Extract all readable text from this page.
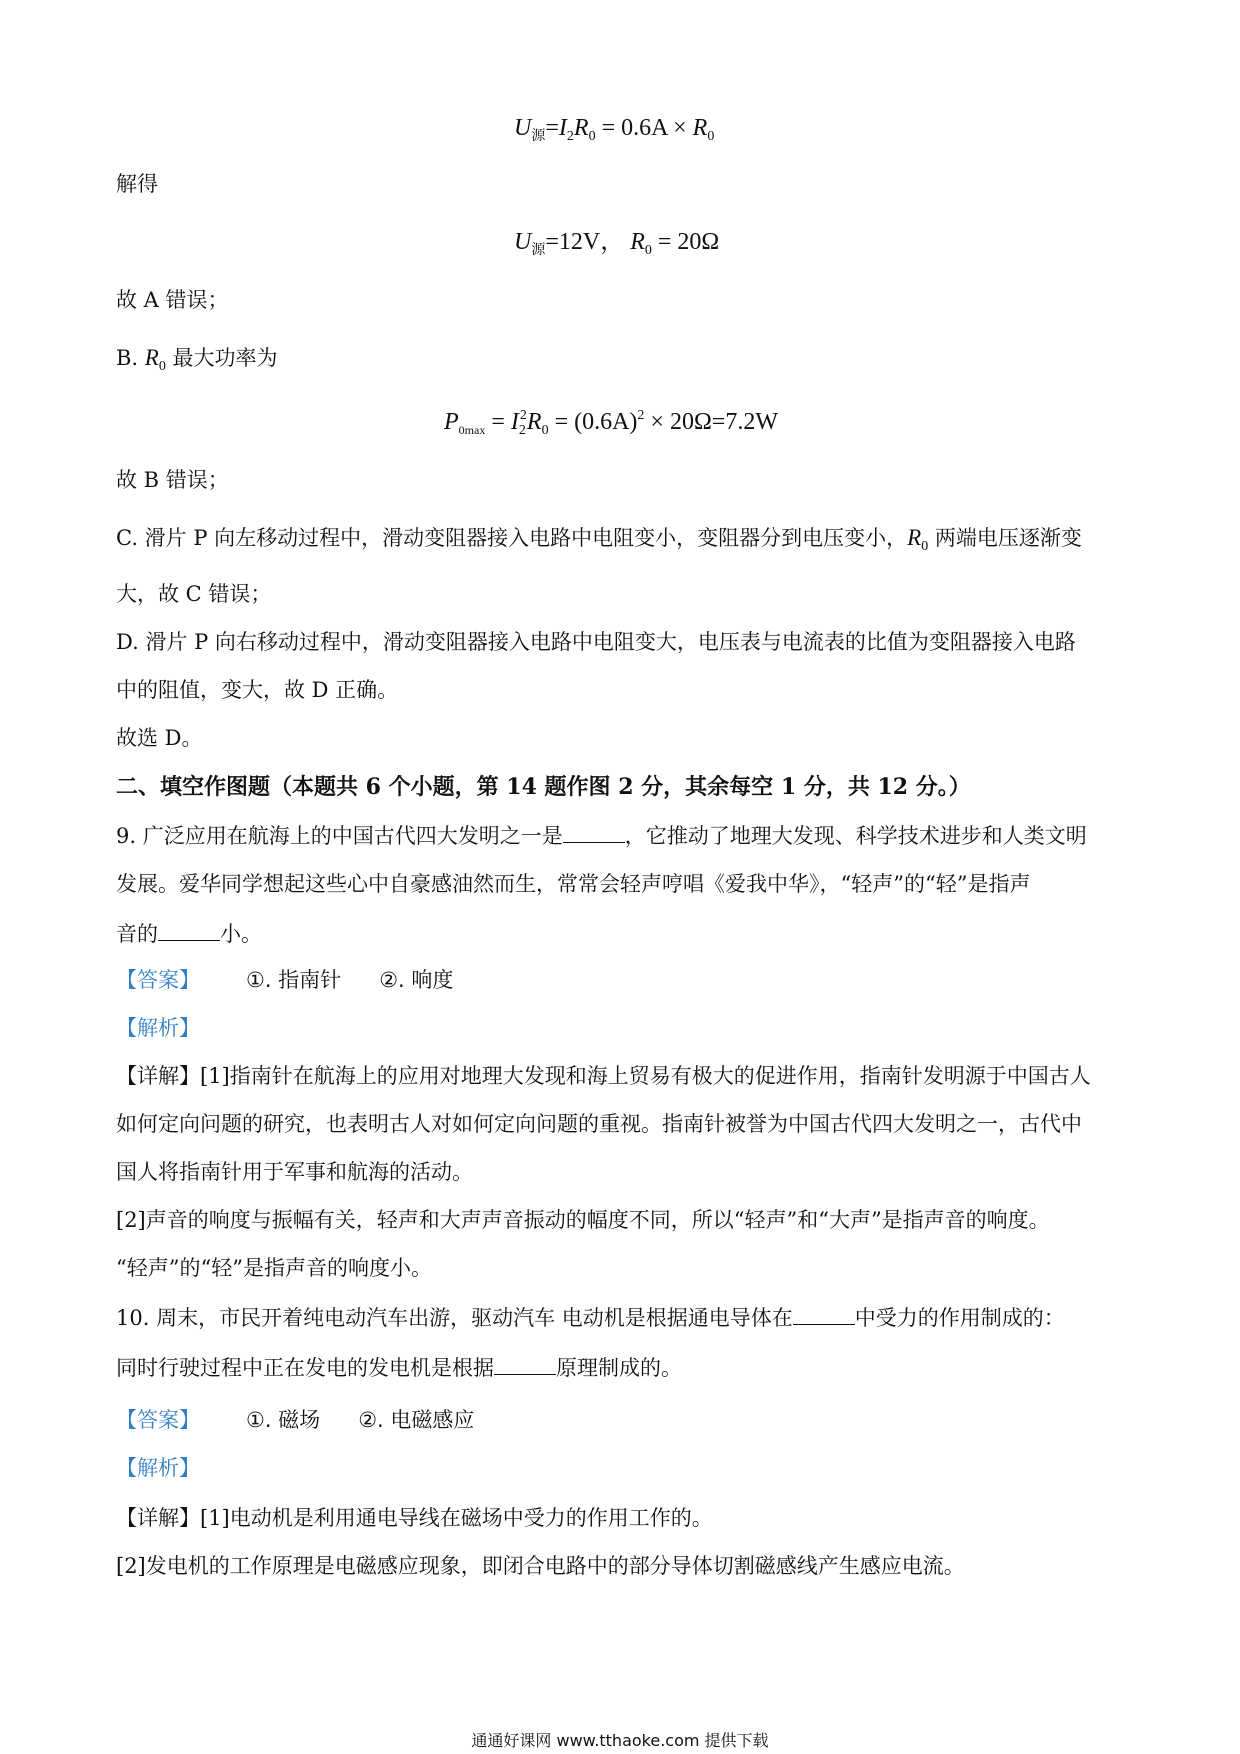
$U_源=I_2R_0 = 0.6A \times R_0$
解得
$U_源=12V$， $R_0 = 20\Omega$
故 A 错误；
B. $R_0$ 最大功率为
$P_{0max} = I_2^2R_0 = (0.6A)^2 \times 20\Omega=7.2W$
故 B 错误；
C. 滑片 P 向左移动过程中，滑动变阻器接入电路中电阻变小，变阻器分到电压变小，$R_0$ 两端电压逐渐变
大，故 C 错误；
D. 滑片 P 向右移动过程中，滑动变阻器接入电路中电阻变大，电压表与电流表的比值为变阻器接入电路
中的阻值，变大，故 D 正确。
故选 D。
二、填空作图题（本题共 6 个小题，第 14 题作图 2 分，其余每空 1 分，共 12 分。）
9. 广泛应用在航海上的中国古代四大发明之一是	，它推动了地理大发现、科学技术进步和人类文明
发展。爱华同学想起这些心中自豪感油然而生，常常会轻声哼唱《爱我中华》，“轻声”的“轻”是指声
音的	小。
【答案】 ①. 指南针 ②. 响度
【解析】
【详解】[1]指南针在航海上的应用对地理大发现和海上贸易有极大的促进作用，指南针发明源于中国古人
如何定向问题的研究，也表明古人对如何定向问题的重视。指南针被誉为中国古代四大发明之一，古代中
国人将指南针用于军事和航海的活动。
[2]声音的响度与振幅有关，轻声和大声声音振动的幅度不同，所以“轻声”和“大声”是指声音的响度。
“轻声”的“轻”是指声音的响度小。
10. 周末，市民开着纯电动汽车出游，驱动汽车 电动机是根据通电导体在	中受力的作用制成的：
同时行驶过程中正在发电的发电机是根据	原理制成的。
【答案】 ①. 磁场 ②. 电磁感应
【解析】
【详解】[1]电动机是利用通电导线在磁场中受力的作用工作的。
[2]发电机的工作原理是电磁感应现象，即闭合电路中的部分导体切割磁感线产生感应电流。
通通好课网 www.tthaoke.com 提供下载
